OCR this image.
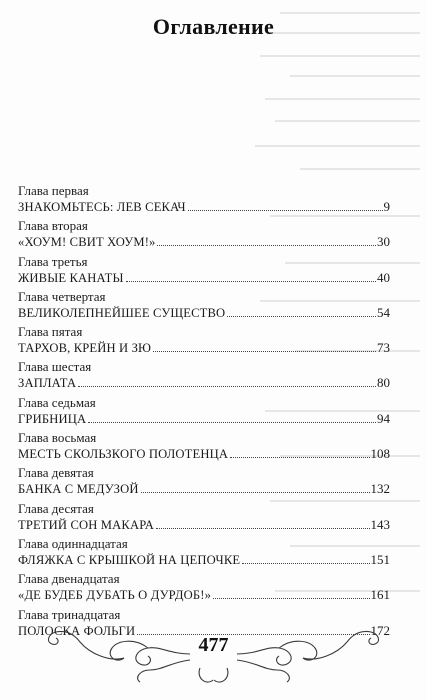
Оглавление
Глава первая
ЗНАКОМЬТЕСЬ: ЛЕВ СЕКАЧ	9
Глава вторая
«ХОУМ! СВИТ ХОУМ!»	30
Глава третья
ЖИВЫЕ КАНАТЫ	40
Глава четвертая
ВЕЛИКОЛЕПНЕЙШЕЕ СУЩЕСТВО	54
Глава пятая
ТАРХОВ, КРЕЙН И ЗЮ	73
Глава шестая
ЗАПЛАТА	80
Глава седьмая
ГРИБНИЦА	94
Глава восьмая
МЕСТЬ СКОЛЬЗКОГО ПОЛОТЕНЦА	108
Глава девятая
БАНКА С МЕДУЗОЙ	132
Глава десятая
ТРЕТИЙ СОН МАКАРА	143
Глава одиннадцатая
ФЛЯЖКА С КРЫШКОЙ НА ЦЕПОЧКЕ	151
Глава двенадцатая
«ДЕ БУДЕБ ДУБАТЬ О ДУРДОБ!»	161
Глава тринадцатая
ПОЛОСКА ФОЛЬГИ	172
477
